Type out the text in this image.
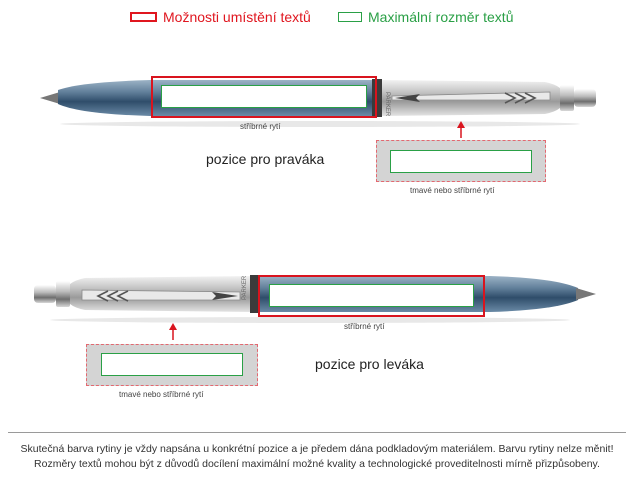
Možnosti umístění textů	Maximální rozměr textů
PARKER
PARKER
stříbrné rytí
pozice pro praváka
tmavé nebo stříbrné rytí
stříbrné rytí
pozice pro leváka
tmavé nebo stříbrné rytí
Skutečná barva rytiny je vždy napsána u konkrétní pozice a je předem dána podkladovým materiálem. Barvu rytiny nelze měnit!
Rozměry textů mohou být z důvodů docílení maximální možné kvality a technologické proveditelnosti mírně přizpůsobeny.
